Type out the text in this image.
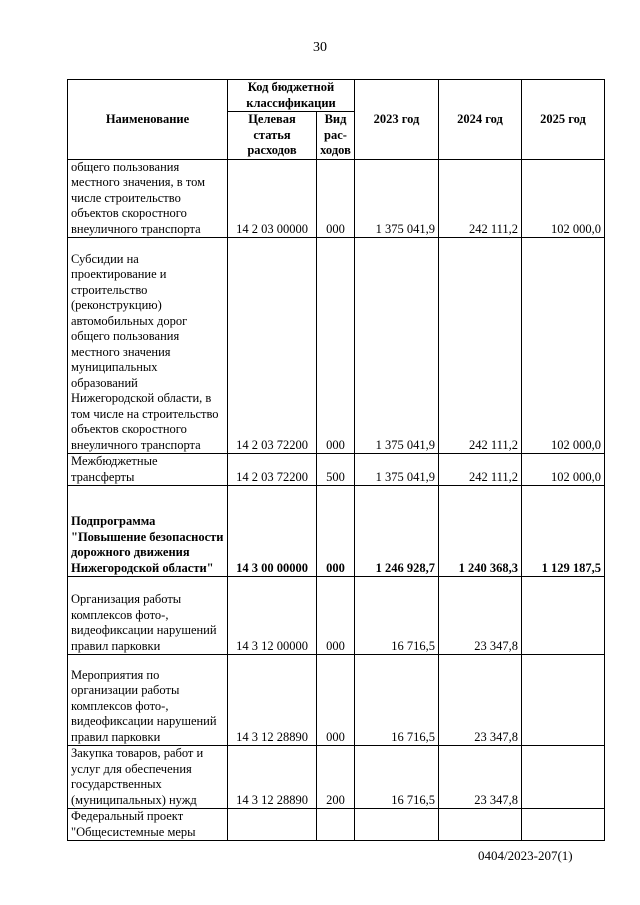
30
Наименование	Код бюджетной классификации		2023 год	2024 год	2025 год
	Целевая статья расходов	Вид рас-ходов			
общего пользования местного значения, в том числе строительство объектов скоростного внеуличного транспорта	14 2 03 00000	000	1 375 041,9	242 111,2	102 000,0
Субсидии на проектирование и строительство (реконструкцию) автомобильных дорог общего пользования местного значения муниципальных образований Нижегородской области, в том числе на строительство объектов скоростного внеуличного транспорта	14 2 03 72200	000	1 375 041,9	242 111,2	102 000,0
Межбюджетные трансферты	14 2 03 72200	500	1 375 041,9	242 111,2	102 000,0
Подпрограмма "Повышение безопасности дорожного движения Нижегородской области"	14 3 00 00000	000	1 246 928,7	1 240 368,3	1 129 187,5
Организация работы комплексов фото-, видеофиксации нарушений правил парковки	14 3 12 00000	000	16 716,5	23 347,8	
Мероприятия по организации работы комплексов фото-, видеофиксации нарушений правил парковки	14 3 12 28890	000	16 716,5	23 347,8	
Закупка товаров, работ и услуг для обеспечения государственных (муниципальных) нужд	14 3 12 28890	200	16 716,5	23 347,8	
Федеральный проект "Общесистемные меры					
0404/2023-207(1)
